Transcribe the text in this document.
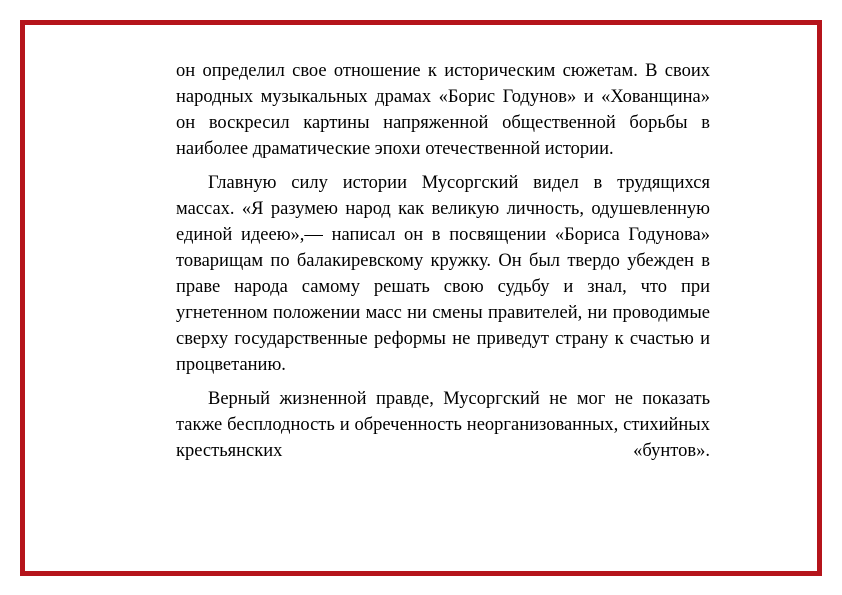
он определил свое отношение к историческим сюжетам. В своих народных музыкальных драмах «Борис Годунов» и «Хованщина» он воскресил картины напряженной общественной борьбы в наиболее драматические эпохи отечественной истории.

Главную силу истории Мусоргский видел в трудящихся массах. «Я разумею народ как великую личность, одушевленную единой идеею»,— написал он в посвящении «Бориса Годунова» товарищам по балакиревскому кружку. Он был твердо убежден в праве народа самому решать свою судьбу и знал, что при угнетенном положении масс ни смены правителей, ни проводимые сверху государственные реформы не приведут страну к счастью и процветанию.

Верный жизненной правде, Мусоргский не мог не показать также бесплодность и обреченность неорганизованных, стихийных крестьянских «бунтов».
